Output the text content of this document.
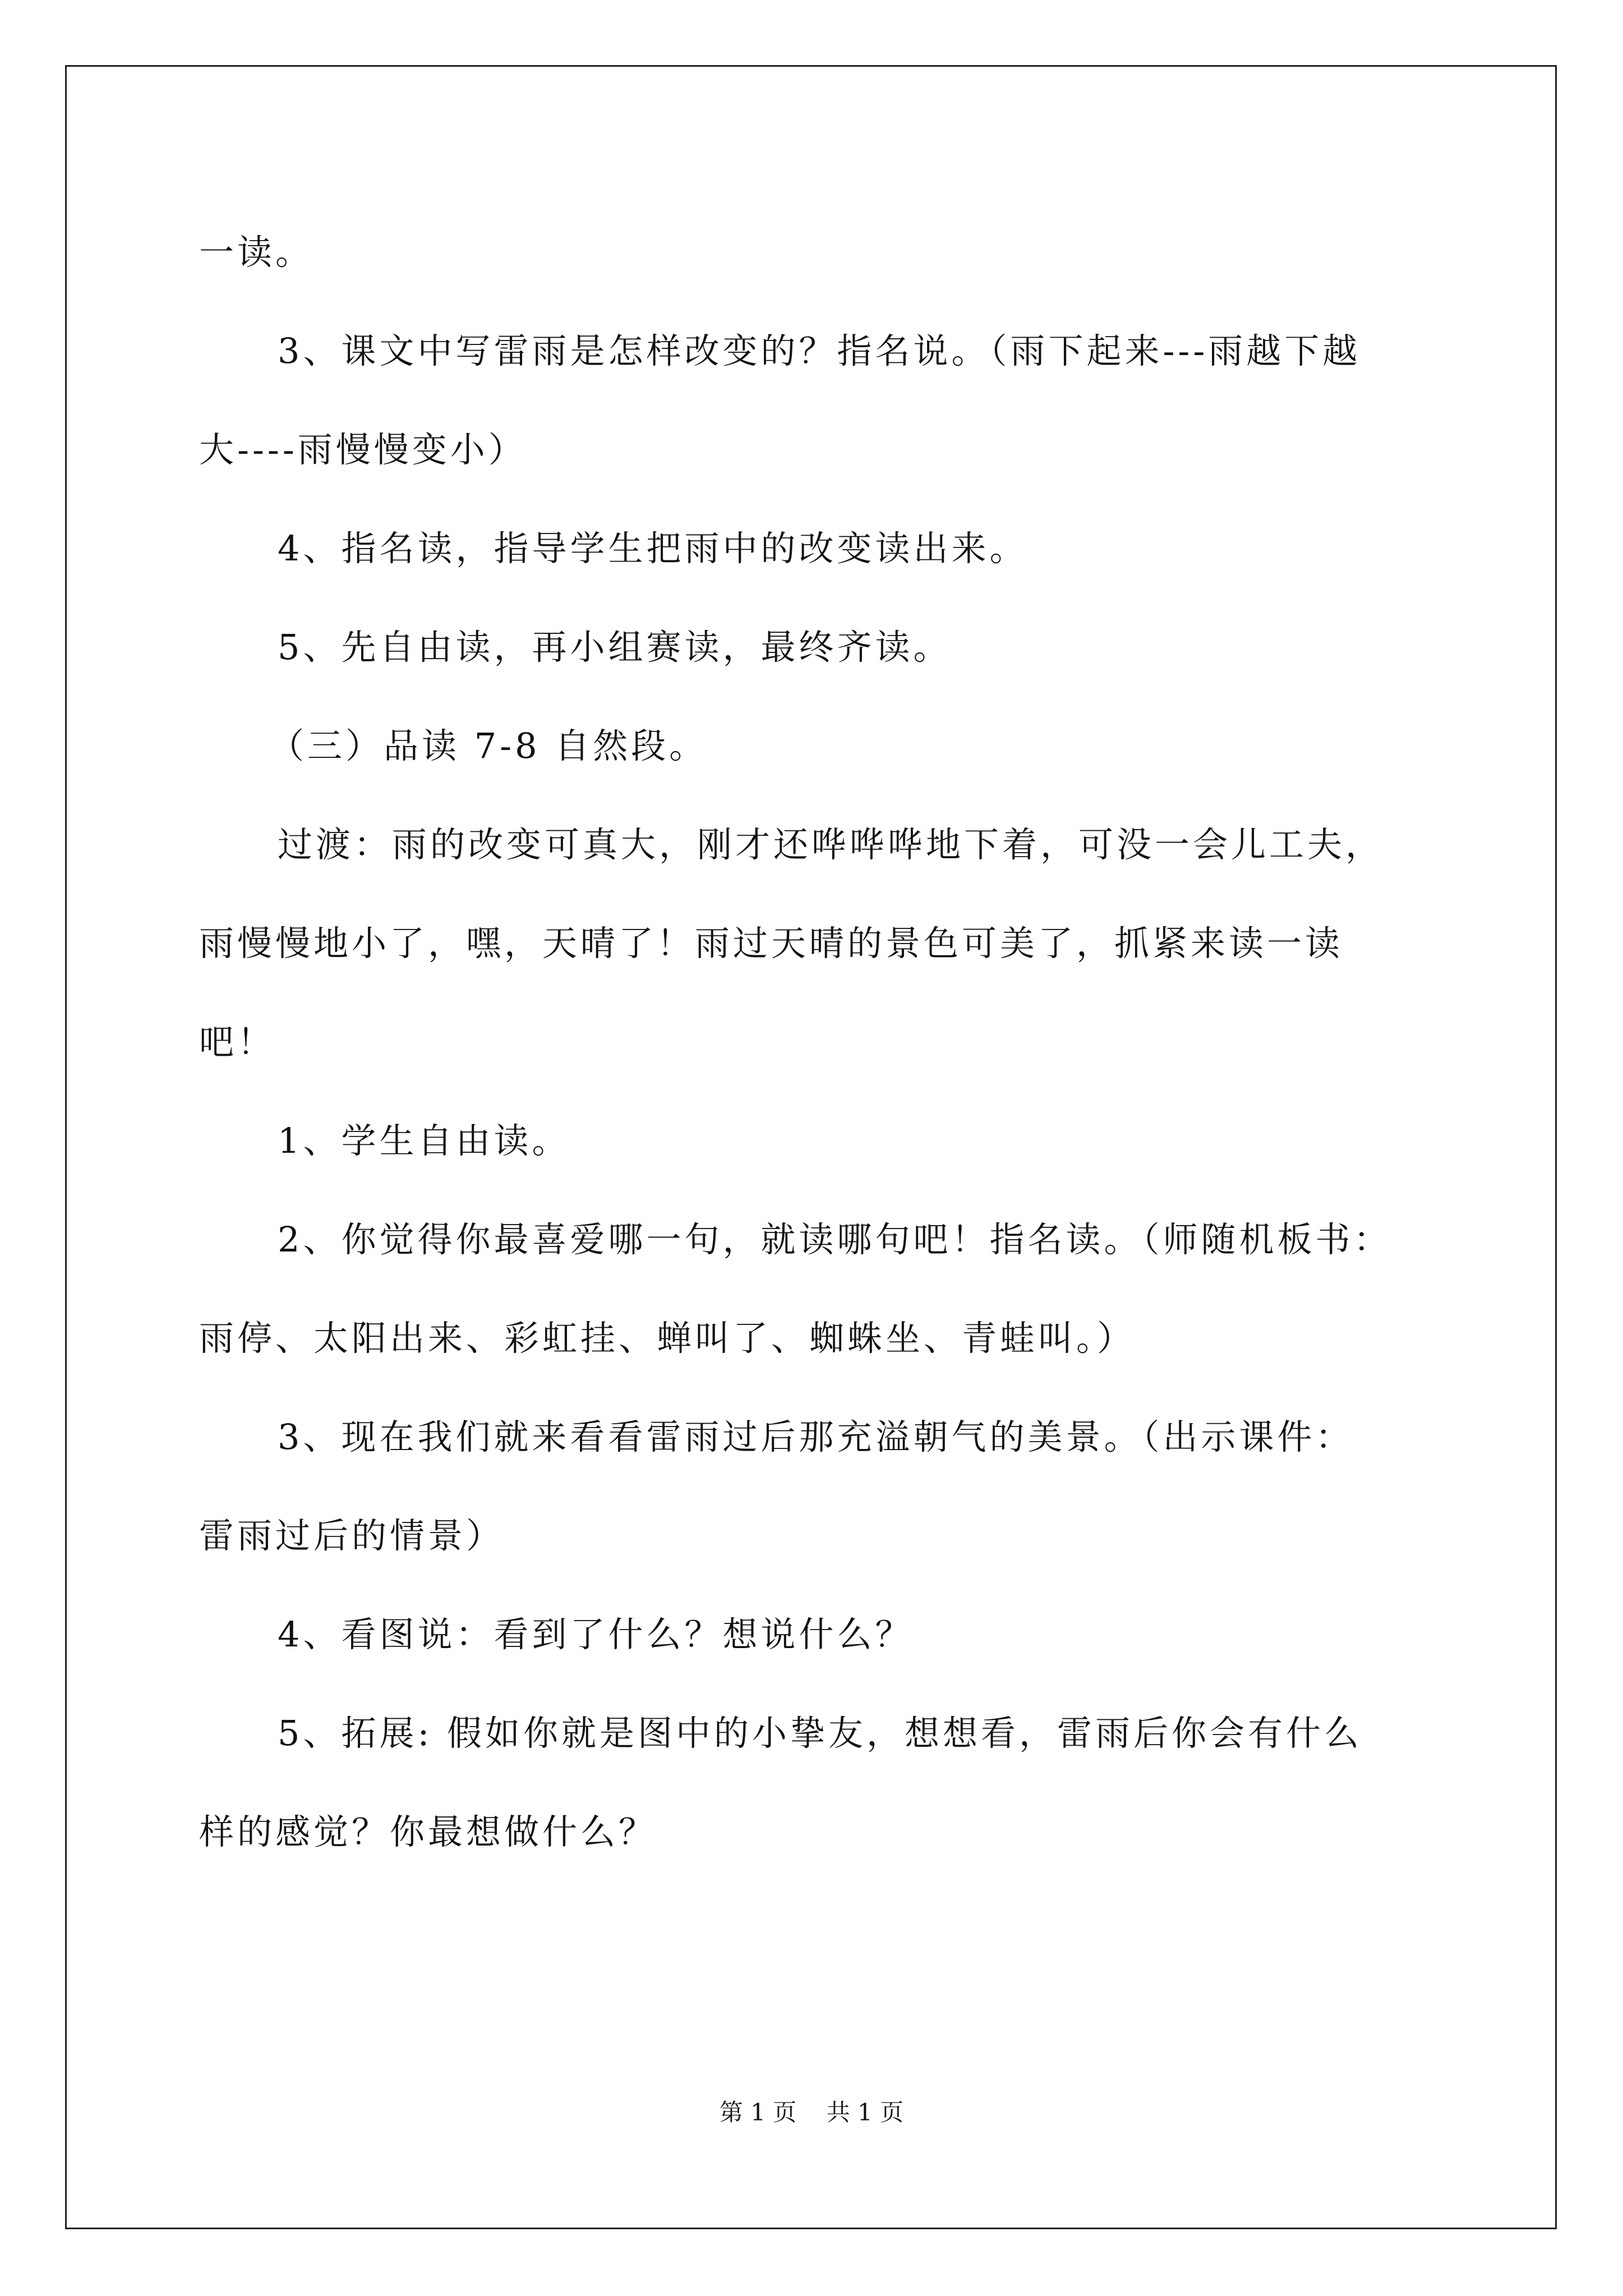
一读。
3、课文中写雷雨是怎样改变的？指名说。（雨下起来---雨越下越
大----雨慢慢变小）
4、指名读，指导学生把雨中的改变读出来。
5、先自由读，再小组赛读，最终齐读。
（三）品读 7-8 自然段。
过渡：雨的改变可真大，刚才还哗哗哗地下着，可没一会儿工夫，
雨慢慢地小了，嘿，天晴了！雨过天晴的景色可美了，抓紧来读一读
吧！
1、学生自由读。
2、你觉得你最喜爱哪一句，就读哪句吧！指名读。（师随机板书：
雨停、太阳出来、彩虹挂、蝉叫了、蜘蛛坐、青蛙叫。）
3、现在我们就来看看雷雨过后那充溢朝气的美景。（出示课件：
雷雨过后的情景）
4、看图说：看到了什么？想说什么？
5、拓展: 假如你就是图中的小挚友，想想看，雷雨后你会有什么
样的感觉？你最想做什么？
第 1 页    共 1 页
